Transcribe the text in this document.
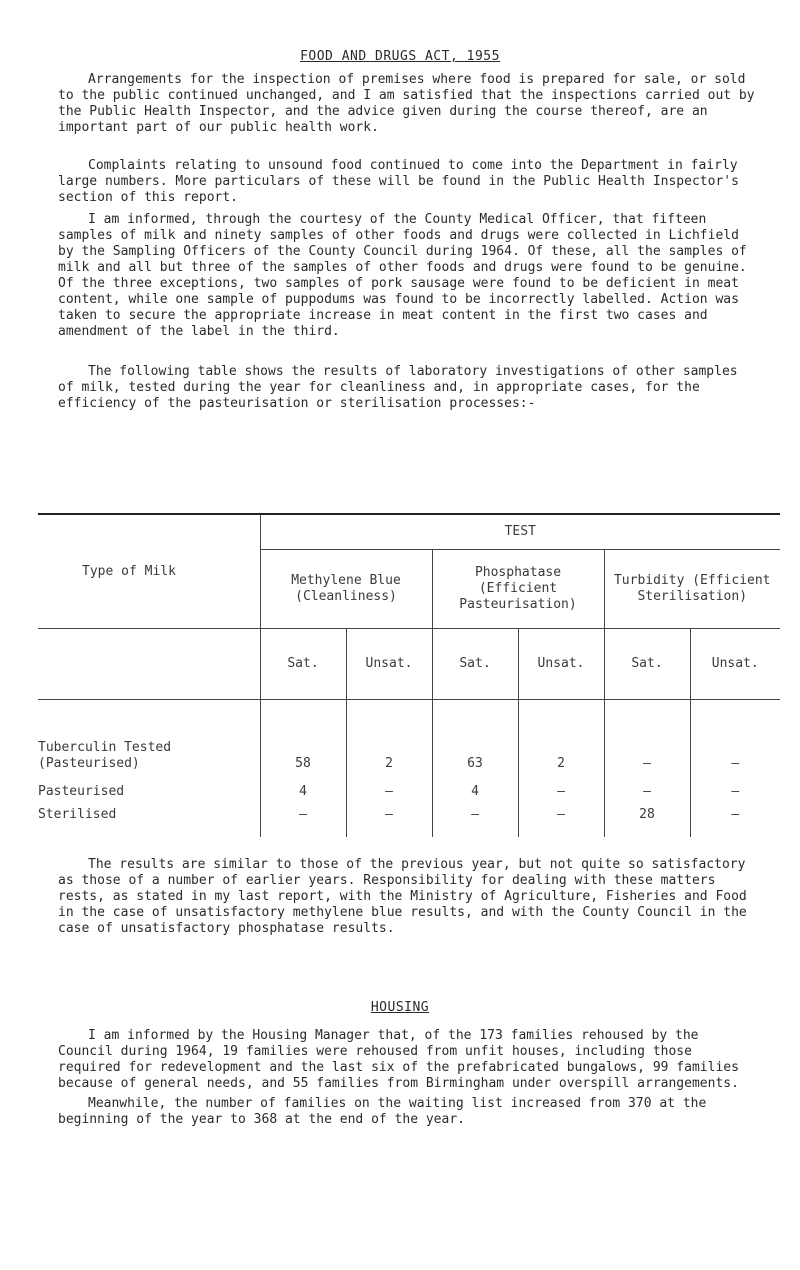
FOOD AND DRUGS ACT, 1955
Arrangements for the inspection of premises where food is prepared for sale, or sold to the public continued unchanged, and I am satisfied that the inspections carried out by the Public Health Inspector, and the advice given during the course thereof, are an important part of our public health work.
Complaints relating to unsound food continued to come into the Department in fairly large numbers. More particulars of these will be found in the Public Health Inspector's section of this report.
I am informed, through the courtesy of the County Medical Officer, that fifteen samples of milk and ninety samples of other foods and drugs were collected in Lichfield by the Sampling Officers of the County Council during 1964. Of these, all the samples of milk and all but three of the samples of other foods and drugs were found to be genuine. Of the three exceptions, two samples of pork sausage were found to be deficient in meat content, while one sample of puppodums was found to be incorrectly labelled. Action was taken to secure the appropriate increase in meat content in the first two cases and amendment of the label in the third.
The following table shows the results of laboratory investigations of other samples of milk, tested during the year for cleanliness and, in appropriate cases, for the efficiency of the pasteurisation or sterilisation processes:-
Type of Milk	TEST					
	Methylene Blue (Cleanliness)		Phosphatase (Efficient Pasteurisation)		Turbidity (Efficient Sterilisation)	
	Sat.	Unsat.	Sat.	Unsat.	Sat.	Unsat.
Tuberculin Tested (Pasteurised)	58	2	63	2	—	—
Pasteurised	4	—	4	—	—	—
Sterilised	—	—	—	—	28	—
The results are similar to those of the previous year, but not quite so satisfactory as those of a number of earlier years. Responsibility for dealing with these matters rests, as stated in my last report, with the Ministry of Agriculture, Fisheries and Food in the case of unsatisfactory methylene blue results, and with the County Council in the case of unsatisfactory phosphatase results.
HOUSING
I am informed by the Housing Manager that, of the 173 families rehoused by the Council during 1964, 19 families were rehoused from unfit houses, including those required for redevelopment and the last six of the prefabricated bungalows, 99 families because of general needs, and 55 families from Birmingham under overspill arrangements.
Meanwhile, the number of families on the waiting list increased from 370 at the beginning of the year to 368 at the end of the year.
